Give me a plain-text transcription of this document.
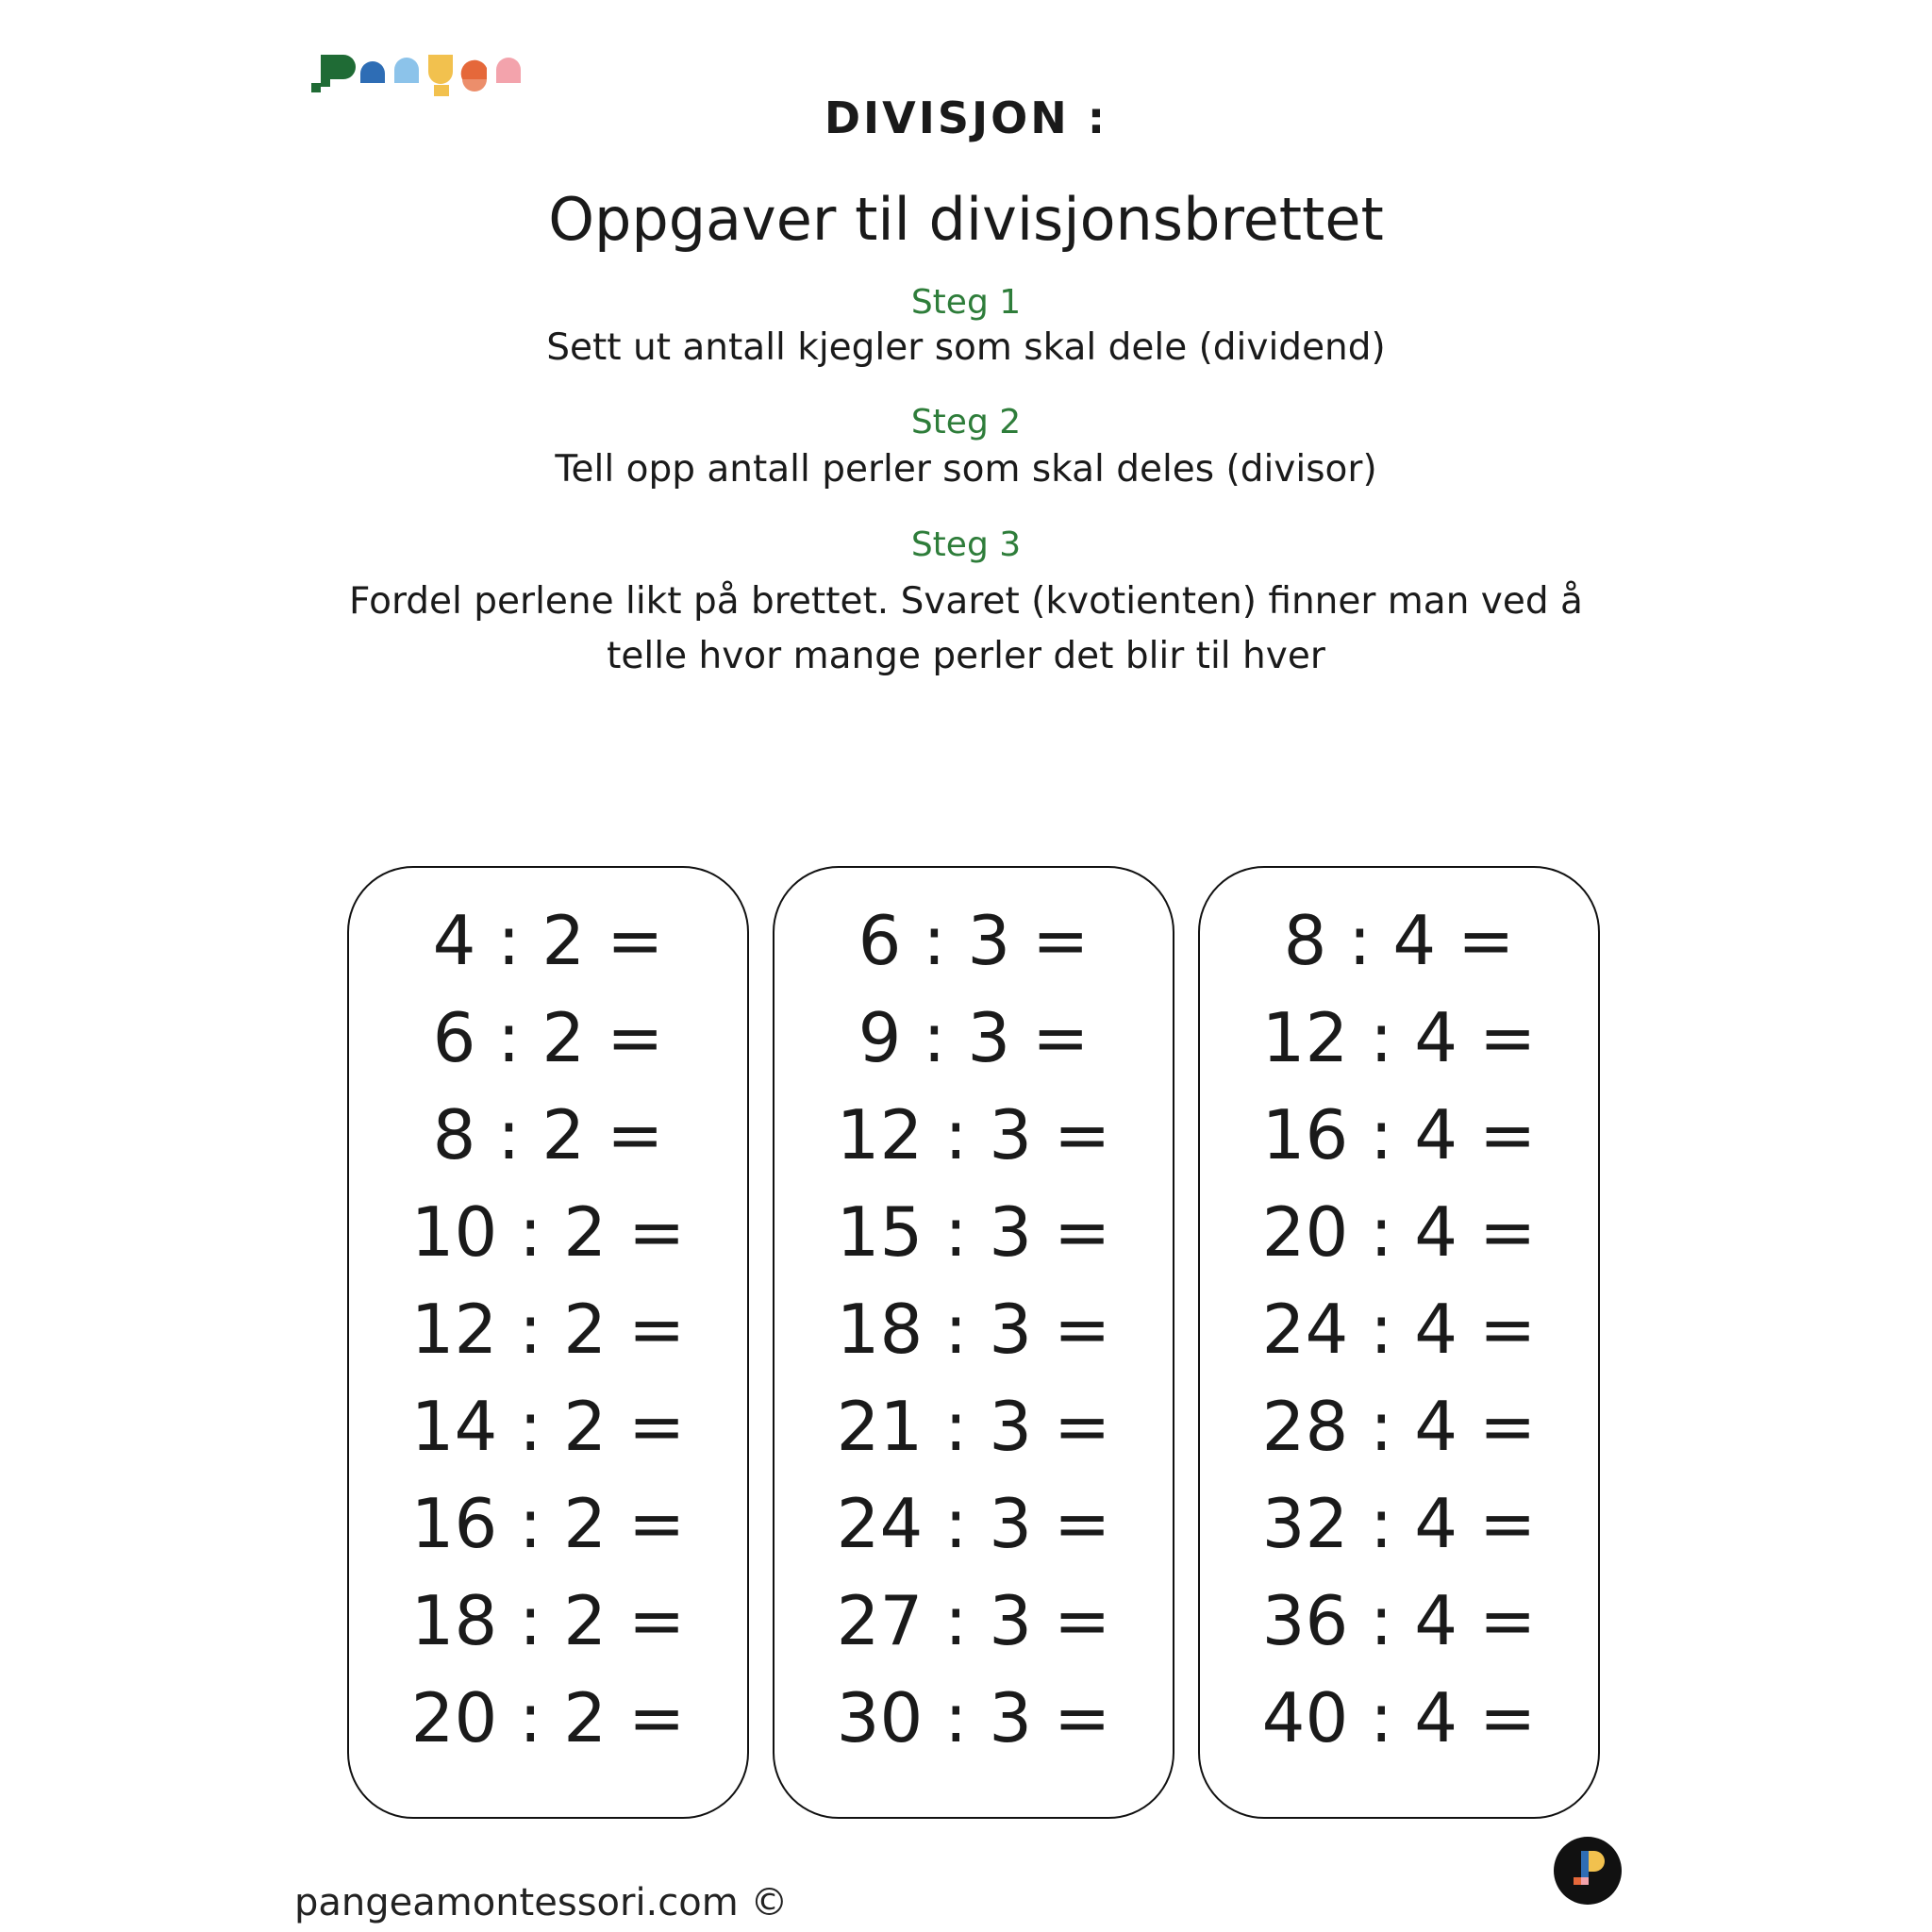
DIVISJON :
Oppgaver til divisjonsbrettet
Steg 1
Sett ut antall kjegler som skal dele (dividend)
Steg 2
Tell opp antall perler som skal deles (divisor)
Steg 3
Fordel perlene likt på brettet. Svaret (kvotienten) finner man ved å
telle hvor mange perler det blir til hver
4 : 2 =
6 : 2 =
8 : 2 =
10 : 2 =
12 : 2 =
14 : 2 =
16 : 2 =
18 : 2 =
20 : 2 =
6 : 3 =
9 : 3 =
12 : 3 =
15 : 3 =
18 : 3 =
21 : 3 =
24 : 3 =
27 : 3 =
30 : 3 =
8 : 4 =
12 : 4 =
16 : 4 =
20 : 4 =
24 : 4 =
28 : 4 =
32 : 4 =
36 : 4 =
40 : 4 =
pangeamontessori.com ©
